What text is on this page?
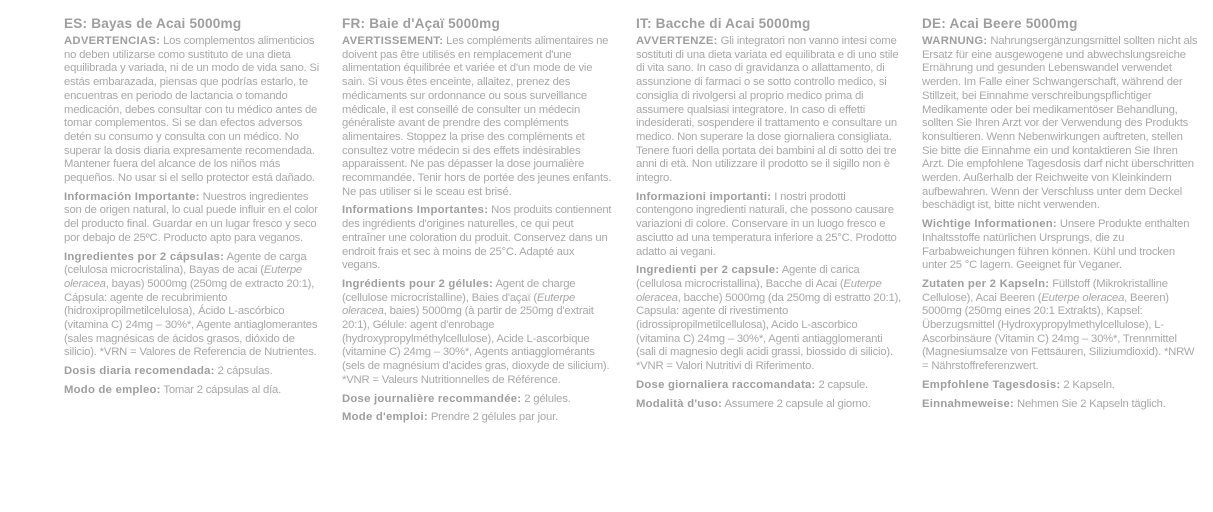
ES: Bayas de Acai 5000mg

ADVERTENCIAS: Los complementos alimenticios no deben utilizarse como sustituto de una dieta equilibrada y variada, ni de un modo de vida sano. Si estás embarazada, piensas que podrías estarlo, te encuentras en periodo de lactancia o tomando medicación, debes consultar con tu médico antes de tomar complementos. Si se dan efectos adversos detén su consumo y consulta con un médico. No superar la dosis diaria expresamente recomendada. Mantener fuera del alcance de los niños más pequeños. No usar si el sello protector está dañado.

Información Importante: Nuestros ingredientes son de origen natural, lo cual puede influir en el color del producto final. Guardar en un lugar fresco y seco por debajo de 25ºC. Producto apto para veganos.

Ingredientes por 2 cápsulas: Agente de carga (celulosa microcristalina), Bayas de acai (Euterpe oleracea, bayas) 5000mg (250mg de extracto 20:1), Cápsula: agente de recubrimiento (hidroxipropilmetilcelulosa), Ácido L-ascórbico (vitamina C) 24mg – 30%*, Agente antiaglomerantes (sales magnésicas de ácidos grasos, dióxido de silicio). *VRN = Valores de Referencia de Nutrientes.

Dosis diaria recomendada: 2 cápsulas.

Modo de empleo: Tomar 2 cápsulas al día.

FR: Baie d'Açaï 5000mg

AVERTISSEMENT: Les compléments alimentaires ne doivent pas être utilisés en remplacement d'une alimentation équilibrée et variée et d'un mode de vie sain. Si vous êtes enceinte, allaitez, prenez des médicaments sur ordonnance ou sous surveillance médicale, il est conseillé de consulter un médecin généraliste avant de prendre des compléments alimentaires. Stoppez la prise des compléments et consultez votre médecin si des effets indésirables apparaissent. Ne pas dépasser la dose journalière recommandée. Tenir hors de portée des jeunes enfants. Ne pas utiliser si le sceau est brisé.

Informations Importantes: Nos produits contiennent des ingrédients d'origines naturelles, ce qui peut entraîner une coloration du produit. Conservez dans un endroit frais et sec à moins de 25°C. Adapté aux vegans.

Ingrédients pour 2 gélules: Agent de charge (cellulose microcristalline), Baies d'açaï (Euterpe oleracea, baies) 5000mg (à partir de 250mg d'extrait 20:1), Gélule: agent d'enrobage (hydroxypropylméthylcellulose), Acide L-ascorbique (vitamine C) 24mg – 30%*, Agents antiagglomérants (sels de magnésium d'acides gras, dioxyde de silicium). *VNR = Valeurs Nutritionnelles de Référence.

Dose journalière recommandée: 2 gélules.

Mode d'emploi: Prendre 2 gélules par jour.

IT: Bacche di Acai 5000mg

AVVERTENZE: Gli integratori non vanno intesi come sostituti di una dieta variata ed equilibrata e di uno stile di vita sano. In caso di gravidanza o allattamento, di assunzione di farmaci o se sotto controllo medico, si consiglia di rivolgersi al proprio medico prima di assumere qualsiasi integratore. In caso di effetti indesiderati, sospendere il trattamento e consultare un medico. Non superare la dose giornaliera consigliata. Tenere fuori della portata dei bambini al di sotto dei tre anni di età. Non utilizzare il prodotto se il sigillo non è integro.

Informazioni importanti: I nostri prodotti contengono ingredienti naturali, che possono causare variazioni di colore. Conservare in un luogo fresco e asciutto ad una temperatura inferiore a 25°C. Prodotto adatto ai vegani.

Ingredienti per 2 capsule: Agente di carica (cellulosa microcristallina), Bacche di Acai (Euterpe oleracea, bacche) 5000mg (da 250mg di estratto 20:1), Capsula: agente di rivestimento (idrossipropilmetilcellulosa), Acido L-ascorbico (vitamina C) 24mg – 30%*, Agenti antiagglomeranti (sali di magnesio degli acidi grassi, biossido di silicio). *VNR = Valori Nutritivi di Riferimento.

Dose giornaliera raccomandata: 2 capsule.

Modalità d'uso: Assumere 2 capsule al giorno.

DE: Acai Beere 5000mg

WARNUNG: Nahrungsergänzungsmittel sollten nicht als Ersatz für eine ausgewogene und abwechslungsreiche Ernährung und gesunden Lebenswandel verwendet werden. Im Falle einer Schwangerschaft, während der Stillzeit, bei Einnahme verschreibungspflichtiger Medikamente oder bei medikamentöser Behandlung, sollten Sie Ihren Arzt vor der Verwendung des Produkts konsultieren. Wenn Nebenwirkungen auftreten, stellen Sie bitte die Einnahme ein und kontaktieren Sie Ihren Arzt. Die empfohlene Tagesdosis darf nicht überschritten werden. Außerhalb der Reichweite von Kleinkindern aufbewahren. Wenn der Verschluss unter dem Deckel beschädigt ist, bitte nicht verwenden.

Wichtige Informationen: Unsere Produkte enthalten Inhaltsstoffe natürlichen Ursprungs, die zu Farbabweichungen führen können. Kühl und trocken unter 25 °C lagern. Geeignet für Veganer.

Zutaten per 2 Kapseln: Füllstoff (Mikrokristalline Cellulose), Acai Beeren (Euterpe oleracea, Beeren) 5000mg (250mg eines 20:1 Extrakts), Kapsel: Überzugsmittel (Hydroxypropylmethylcellulose), L-Ascorbinsäure (Vitamin C) 24mg – 30%*, Trennmittel (Magnesiumsalze von Fettsäuren, Siliziumdioxid). *NRW = Nährstoffreferenzwert.

Empfohlene Tagesdosis: 2 Kapseln.

Einnahmeweise: Nehmen Sie 2 Kapseln täglich.
